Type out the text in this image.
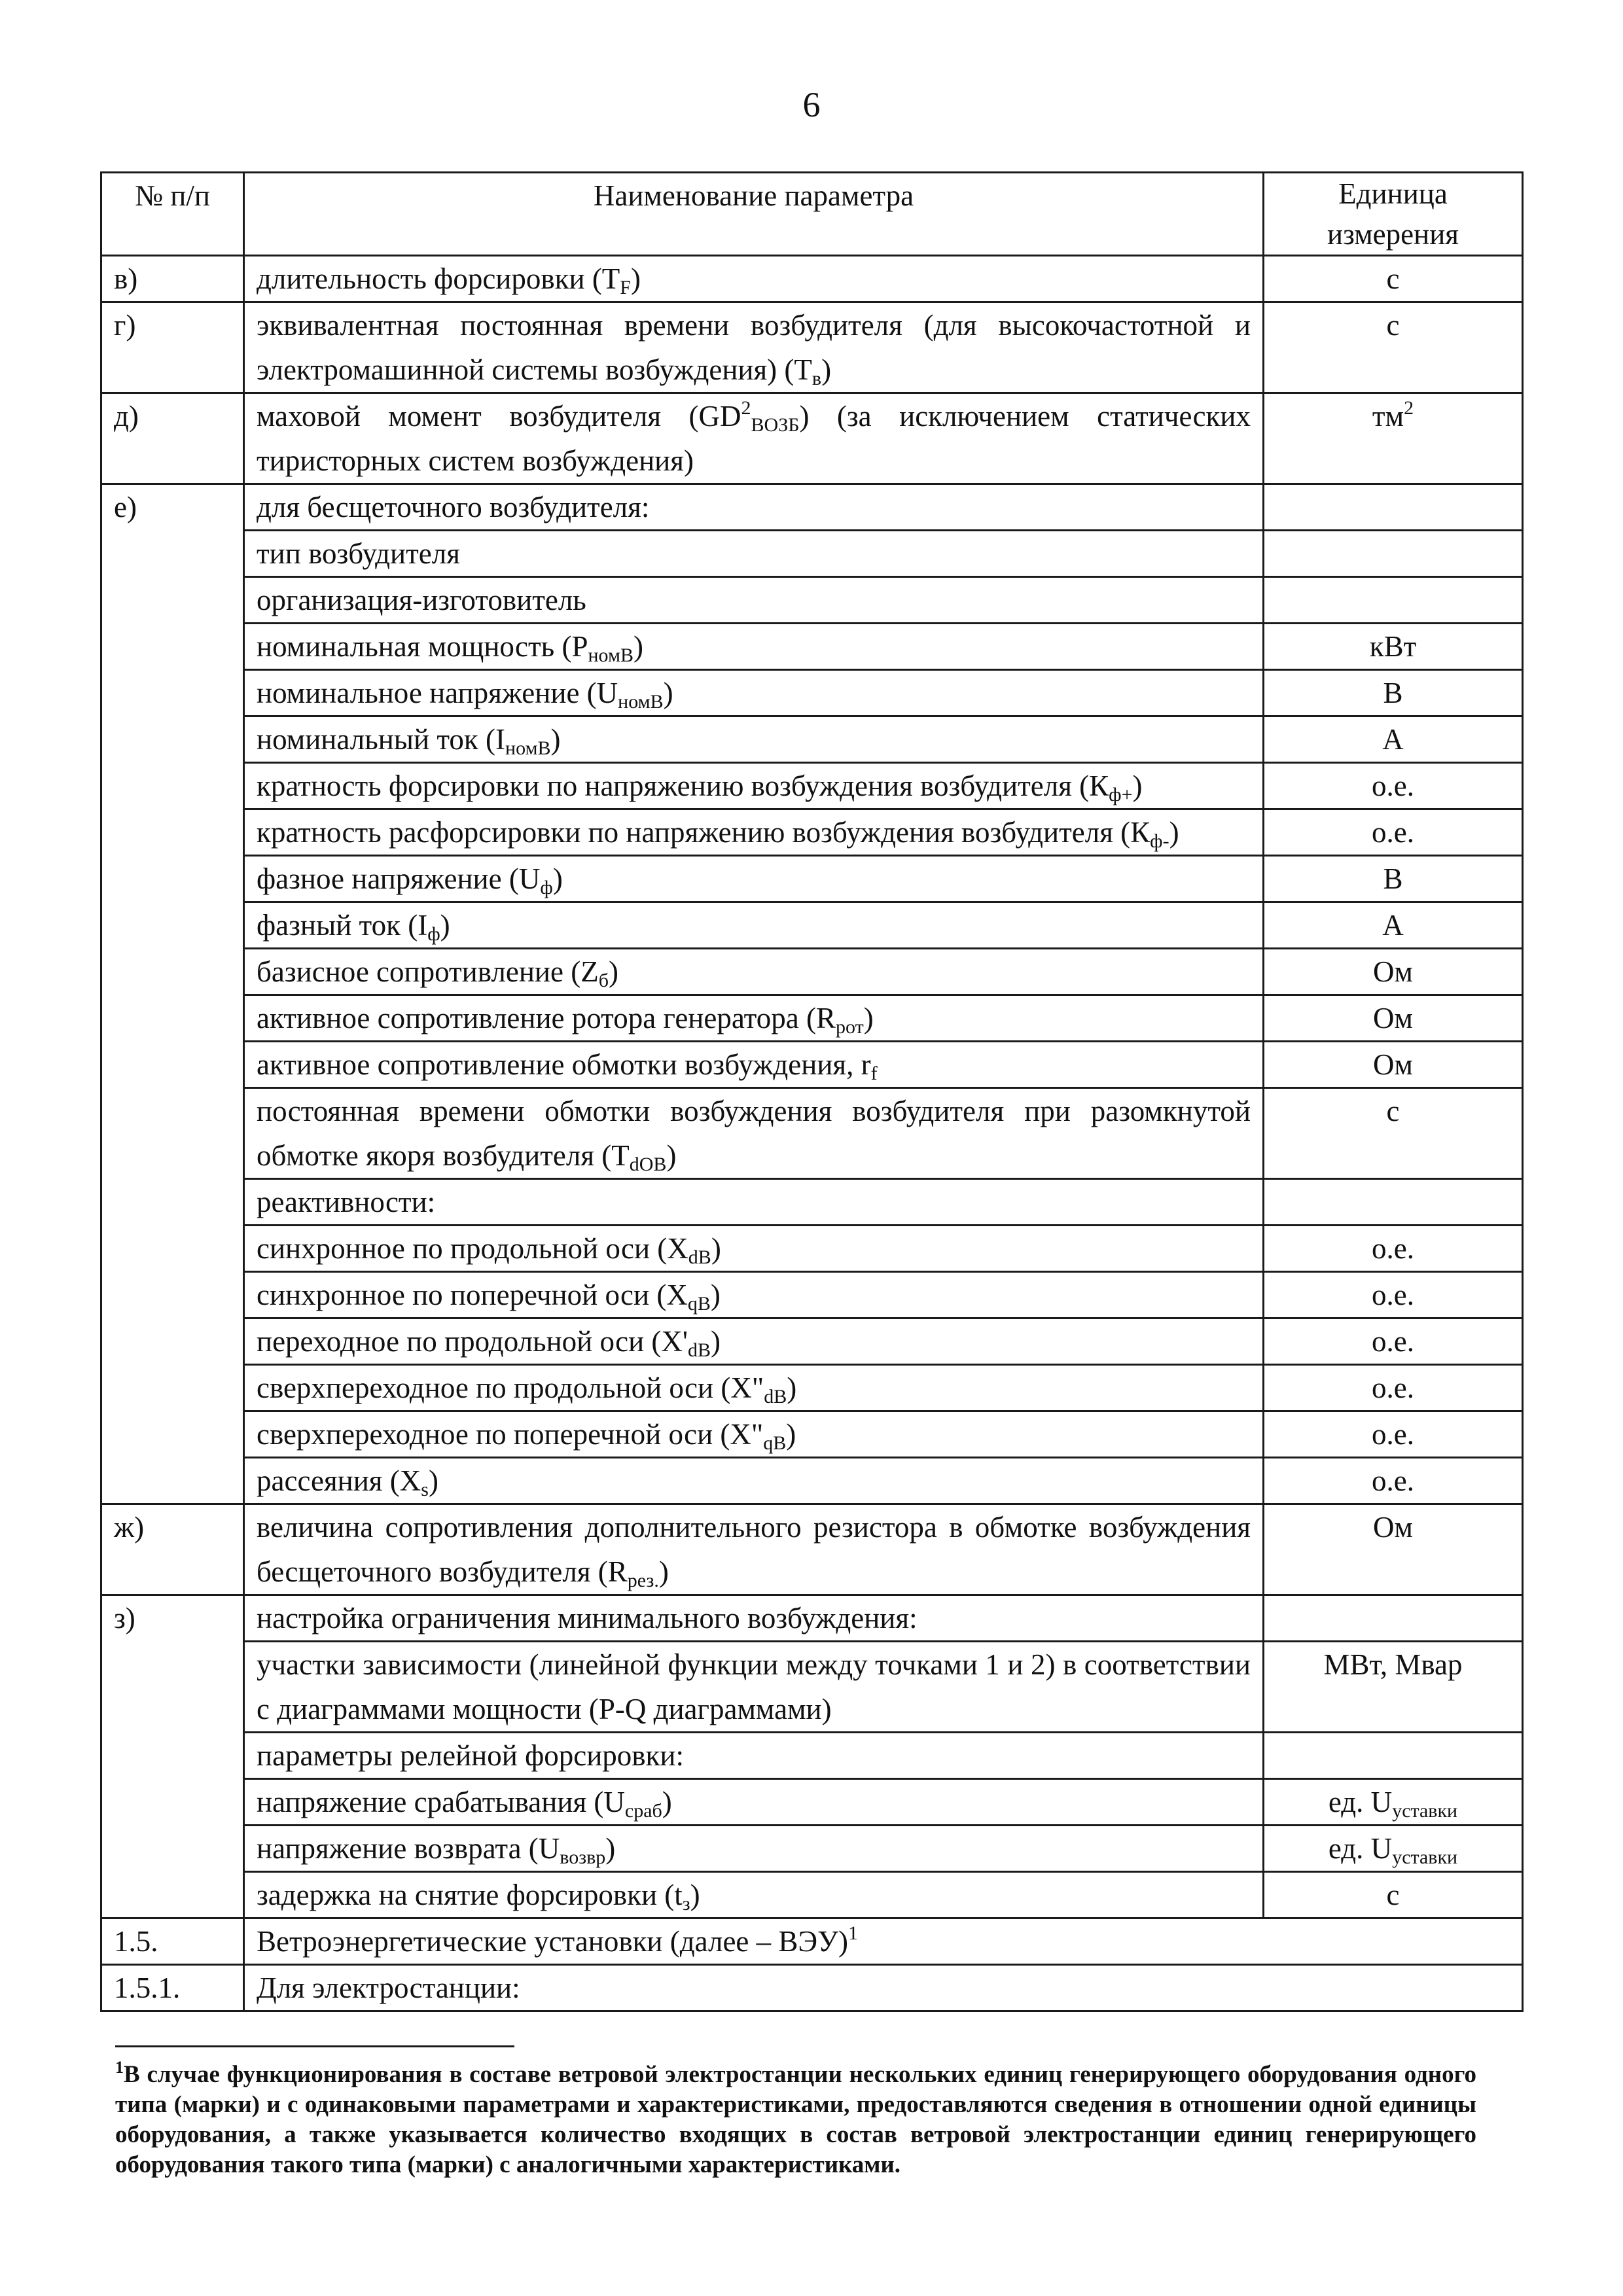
6
№ п/п	Наименование параметра	Единица измерения
в)	длительность форсировки $(T_F)$	с
г)	эквивалентная постоянная времени возбудителя (для высокочастотной и электромашинной системы возбуждения) $(Т_в)$	с
д)	маховой момент возбудителя $(GD^2_{ВОЗБ})$ (за исключением статических тиристорных систем возбуждения)	$тм^2$
е)	для бесщеточного возбудителя:	
	тип возбудителя	
	организация-изготовитель	
	номинальная мощность $(Р_{номВ})$	кВт
	номинальное напряжение $(U_{номВ})$	В
	номинальный ток $(I_{номВ})$	А
	кратность форсировки по напряжению возбуждения возбудителя $(К_{ф+})$	о.е.
	кратность расфорсировки по напряжению возбуждения возбудителя $(К_{ф-})$	о.е.
	фазное напряжение $(U_ф)$	В
	фазный ток $(I_ф)$	А
	базисное сопротивление $(Z_б)$	Ом
	активное сопротивление ротора генератора $(R_{рот})$	Ом
	активное сопротивление обмотки возбуждения, $r_f$	Ом
	постоянная времени обмотки возбуждения возбудителя при разомкнутой обмотке якоря возбудителя $(T_{dOB})$	с
	реактивности:	
	синхронное по продольной оси $(X_{dB})$	о.е.
	синхронное по поперечной оси $(X_{qB})$	о.е.
	переходное по продольной оси $(X'_{dB})$	о.е.
	сверхпереходное по продольной оси $(X"_{dB})$	о.е.
	сверхпереходное по поперечной оси $(X"_{qB})$	о.е.
	рассеяния $(X_s)$	о.е.
ж)	величина сопротивления дополнительного резистора в обмотке возбуждения бесщеточного возбудителя $(R_{рез.})$	Ом
з)	настройка ограничения минимального возбуждения:	
	участки зависимости (линейной функции между точками 1 и 2) в соответствии с диаграммами мощности (P-Q диаграммами)	МВт, Мвар
	параметры релейной форсировки:	
	напряжение срабатывания $(U_{сраб})$	ед. $U_{уставки}$
	напряжение возврата $(U_{возвр})$	ед. $U_{уставки}$
	задержка на снятие форсировки $(t_з)$	с
1.5.	Ветроэнергетические установки (далее – ВЭУ)$^1$
1.5.1.	Для электростанции:	
$^1$В случае функционирования в составе ветровой электростанции нескольких единиц генерирующего оборудования одного типа (марки) и с одинаковыми параметрами и характеристиками, предоставляются сведения в отношении одной единицы оборудования, а также указывается количество входящих в состав ветровой электростанции единиц генерирующего оборудования такого типа (марки) с аналогичными характеристиками.
